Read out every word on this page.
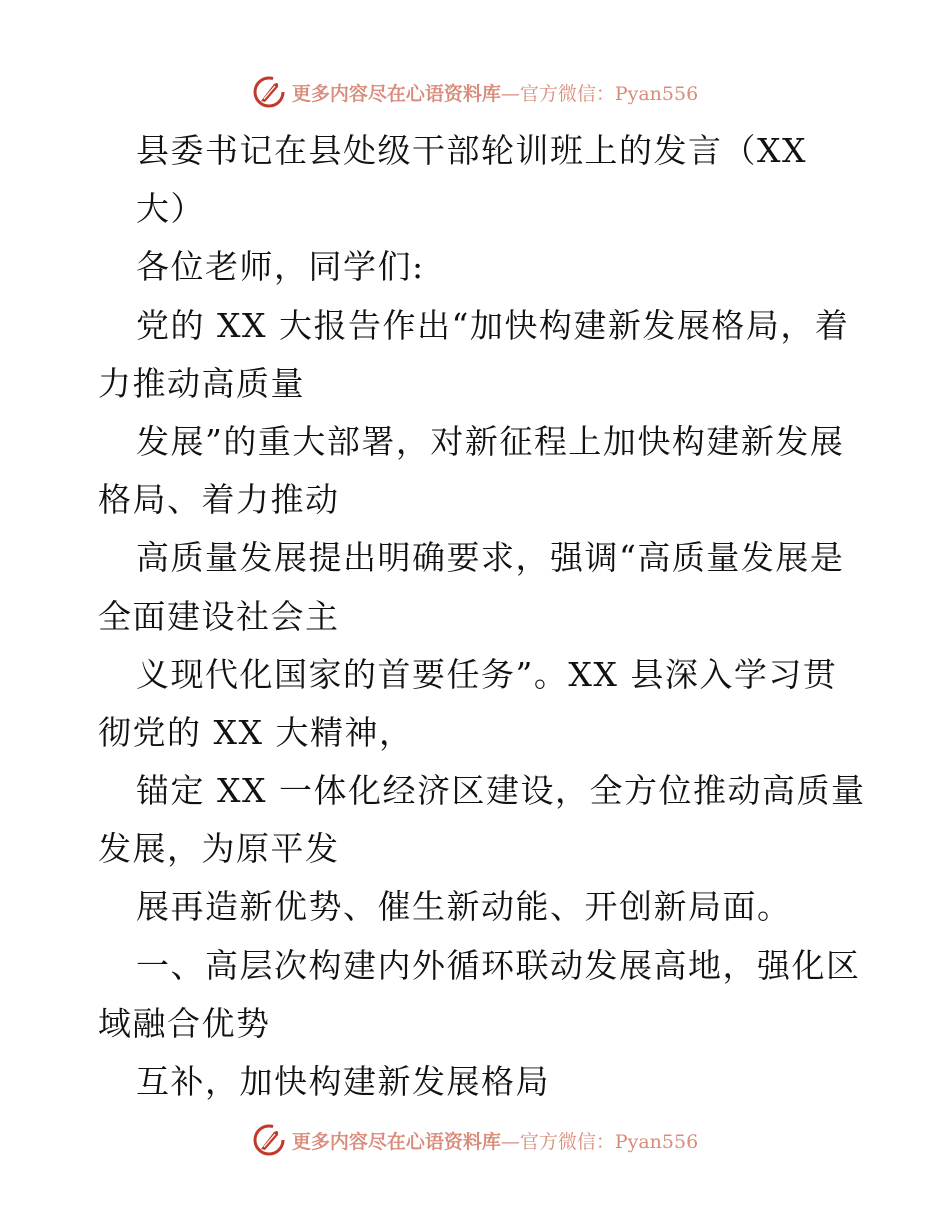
更多内容尽在心语资料库—官方微信：Pyan556
县委书记在县处级干部轮训班上的发言（XX
大）
各位老师，同学们:
党的 XX 大报告作出“加快构建新发展格局，着
力推动高质量
发展”的重大部署，对新征程上加快构建新发展
格局、着力推动
高质量发展提出明确要求，强调“高质量发展是
全面建设社会主
义现代化国家的首要任务”。XX 县深入学习贯
彻党的 XX 大精神，
锚定 XX 一体化经济区建设，全方位推动高质量
发展，为原平发
展再造新优势、催生新动能、开创新局面。
一、高层次构建内外循环联动发展高地，强化区
域融合优势
互补，加快构建新发展格局
更多内容尽在心语资料库—官方微信：Pyan556
